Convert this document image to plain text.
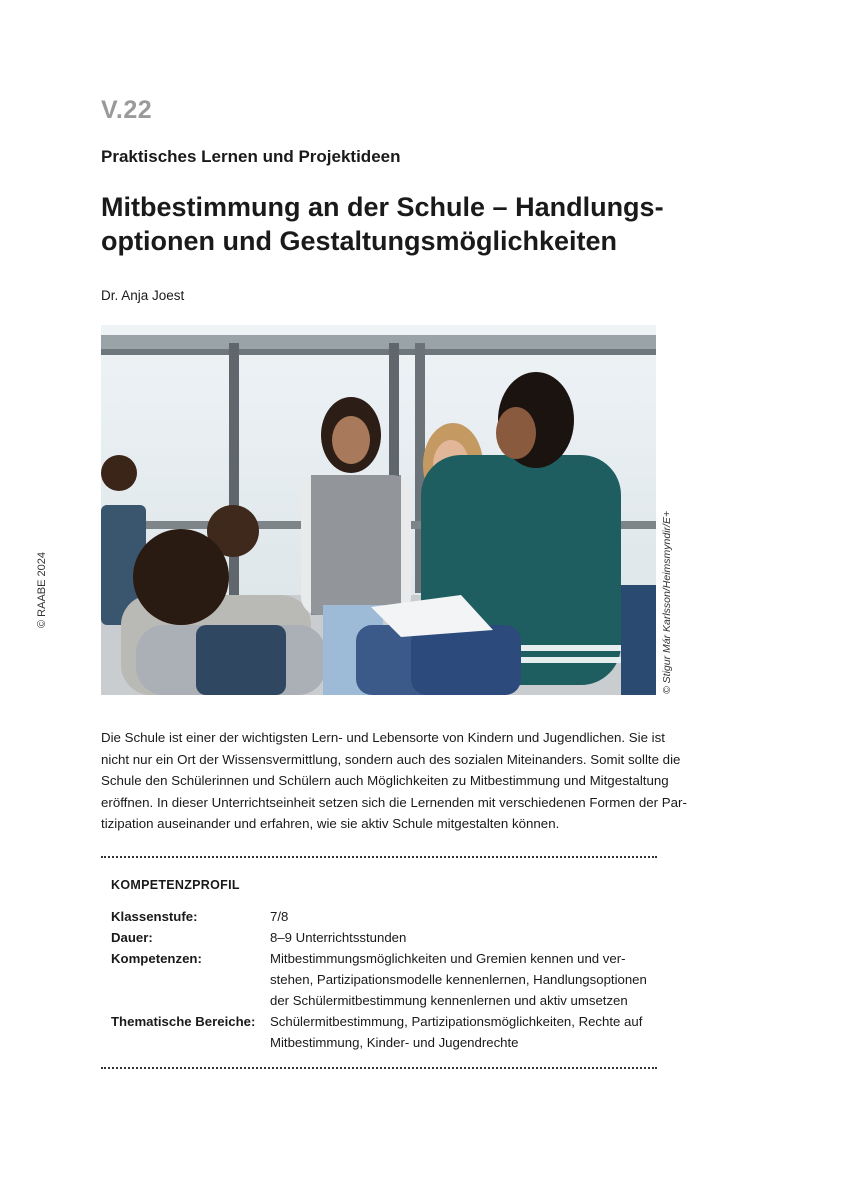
V.22
Praktisches Lernen und Projektideen
Mitbestimmung an der Schule – Handlungs-
optionen und Gestaltungsmöglichkeiten
Dr. Anja Joest
© RAABE 2024	© Stigur Már Karlsson/Heimsmyndir/E+
Die Schule ist einer der wichtigsten Lern- und Lebensorte von Kindern und Jugendlichen. Sie ist
nicht nur ein Ort der Wissensvermittlung, sondern auch des sozialen Miteinanders. Somit sollte die
Schule den Schülerinnen und Schülern auch Möglichkeiten zu Mitbestimmung und Mitgestaltung
eröffnen. In dieser Unterrichtseinheit setzen sich die Lernenden mit verschiedenen Formen der Par-
tizipation auseinander und erfahren, wie sie aktiv Schule mitgestalten können.
KOMPETENZPROFIL
Klassenstufe:	7/8
Dauer:	8–9 Unterrichtsstunden
Kompetenzen:	Mitbestimmungsmöglichkeiten und Gremien kennen und ver-
stehen, Partizipationsmodelle kennenlernen, Handlungsoptionen
der Schülermitbestimmung kennenlernen und aktiv umsetzen
Thematische Bereiche: Schülermitbestimmung, Partizipationsmöglichkeiten, Rechte auf
Mitbestimmung, Kinder- und Jugendrechte
